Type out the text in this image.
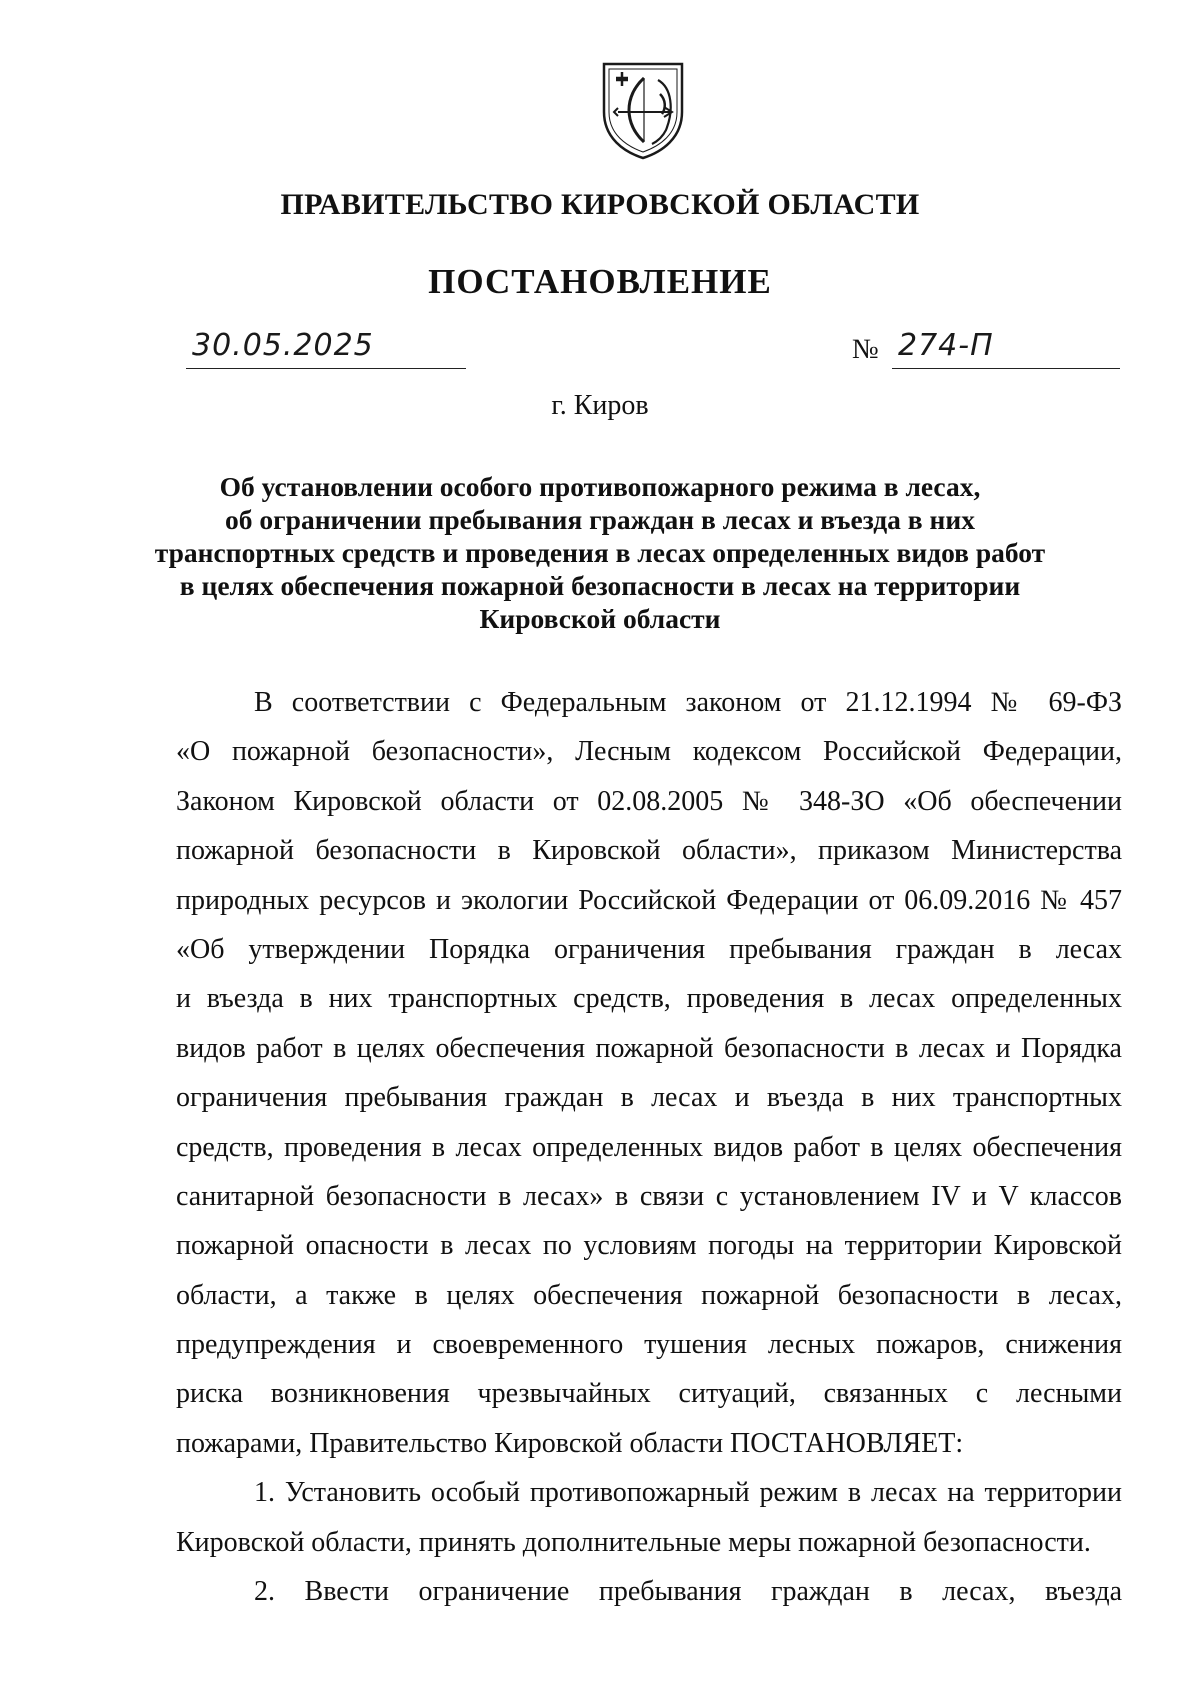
ПРАВИТЕЛЬСТВО КИРОВСКОЙ ОБЛАСТИ
ПОСТАНОВЛЕНИЕ
30.05.2025	№ 274-П
г. Киров
Об установлении особого противопожарного режима в лесах,
об ограничении пребывания граждан в лесах и въезда в них
транспортных средств и проведения в лесах определенных видов работ
в целях обеспечения пожарной безопасности в лесах на территории
Кировской области
В соответствии с Федеральным законом от 21.12.1994 № 69-ФЗ
«О пожарной безопасности», Лесным кодексом Российской Федерации,
Законом Кировской области от 02.08.2005 № 348-ЗО «Об обеспечении
пожарной безопасности в Кировской области», приказом Министерства
природных ресурсов и экологии Российской Федерации от 06.09.2016 № 457
«Об утверждении Порядка ограничения пребывания граждан в лесах
и въезда в них транспортных средств, проведения в лесах определенных
видов работ в целях обеспечения пожарной безопасности в лесах и Порядка
ограничения пребывания граждан в лесах и въезда в них транспортных
средств, проведения в лесах определенных видов работ в целях обеспечения
санитарной безопасности в лесах» в связи с установлением IV и V классов
пожарной опасности в лесах по условиям погоды на территории Кировской
области, а также в целях обеспечения пожарной безопасности в лесах,
предупреждения и своевременного тушения лесных пожаров, снижения
риска возникновения чрезвычайных ситуаций, связанных с лесными
пожарами, Правительство Кировской области ПОСТАНОВЛЯЕТ:
1. Установить особый противопожарный режим в лесах на территории
Кировской области, принять дополнительные меры пожарной безопасности.
2. Ввести ограничение пребывания граждан в лесах, въезда
